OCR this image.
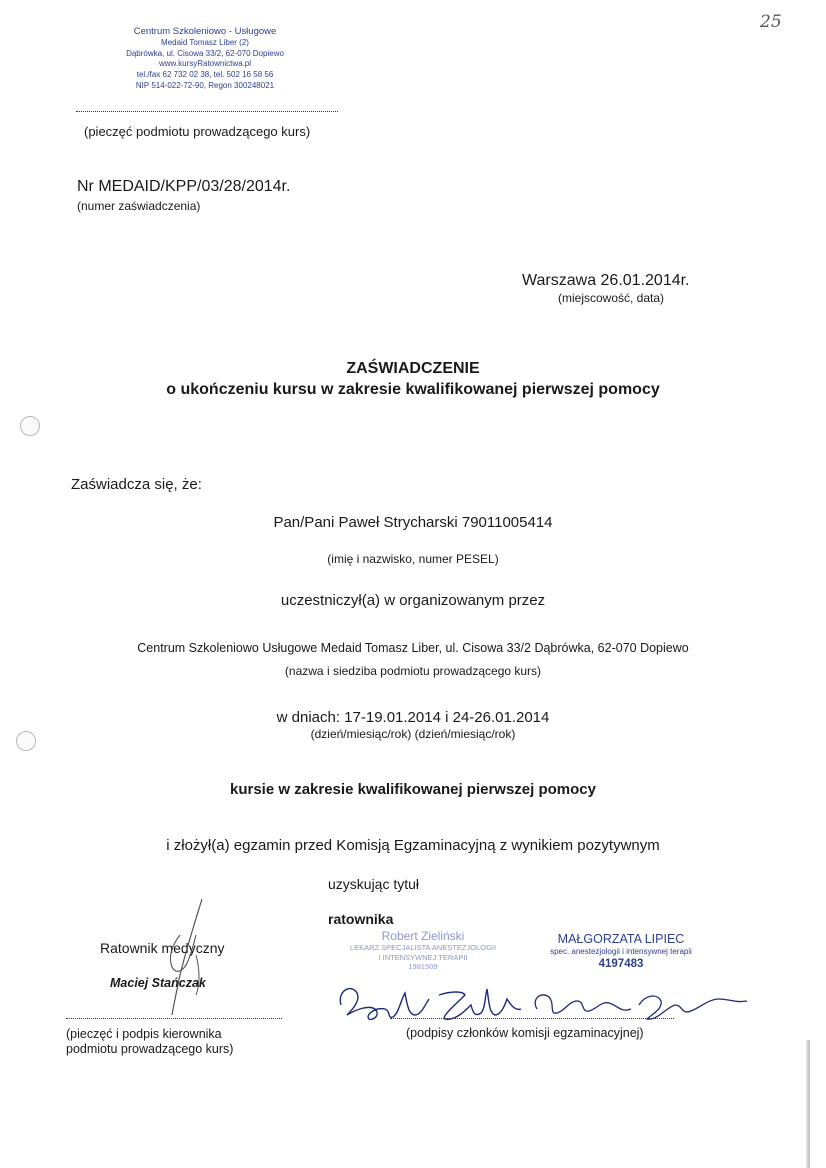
25
Centrum Szkoleniowo - Usługowe
Medaid Tomasz Liber (2)
Dąbrówka, ul. Cisowa 33/2, 62-070 Dopiewo
www.kursyRatownictwa.pl
tel./fax 62 732 02 38, tel. 502 16 58 56
NIP 514-022-72-90, Regon 300248021
(pieczęć podmiotu prowadzącego kurs)
Nr MEDAID/KPP/03/28/2014r.
(numer zaświadczenia)
Warszawa 26.01.2014r.
(miejscowość, data)
ZAŚWIADCZENIE
o ukończeniu kursu w zakresie kwalifikowanej pierwszej pomocy
Zaświadcza się, że:
Pan/Pani Paweł Strycharski 79011005414
(imię i nazwisko, numer PESEL)
uczestniczył(a) w organizowanym przez
Centrum Szkoleniowo Usługowe Medaid Tomasz Liber, ul. Cisowa 33/2 Dąbrówka, 62-070 Dopiewo
(nazwa i siedziba podmiotu prowadzącego kurs)
w dniach: 17-19.01.2014 i 24-26.01.2014
(dzień/miesiąc/rok) (dzień/miesiąc/rok)
kursie w zakresie kwalifikowanej pierwszej pomocy
i złożył(a) egzamin przed Komisją Egzaminacyjną z wynikiem pozytywnym
uzyskując tytuł
ratownika
Ratownik medyczny
Maciej Stańczak
(pieczęć i podpis kierownika
podmiotu prowadzącego kurs)
Robert Zieliński
LEKARZ SPECJALISTA ANESTEZJOLOGII
I INTENSYWNEJ TERAPII
1981509
MAŁGORZATA LIPIEC
spec. anestezjologii i intensywnej terapii
4197483
(podpisy członków komisji egzaminacyjnej)
